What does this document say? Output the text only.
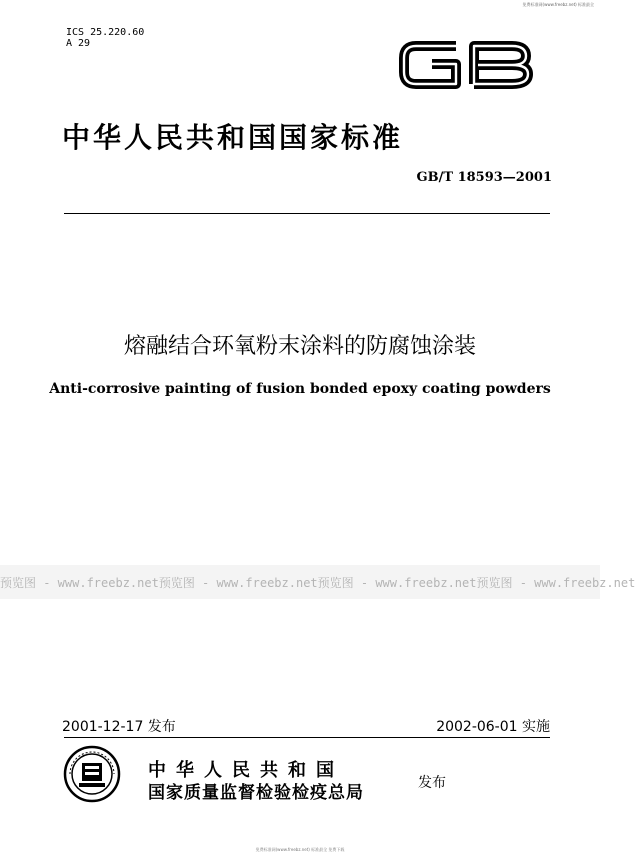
免费标准网(www.freebz.net) 标准最全
ICS 25.220.60
A 29
中华人民共和国国家标准
GB/T 18593—2001
熔融结合环氧粉末涂料的防腐蚀涂装
Anti-corrosive painting of fusion bonded epoxy coating powders
预览图 - www.freebz.net 预览图 - www.freebz.net 预览图 - www.freebz.net 预览图 - www.freebz.net
2001-12-17 发布	2002-06-01 实施
中华人民共和国
国家质量监督检验检疫总局	发布
免费标准网(www.freebz.net) 标准最全 免费下载
